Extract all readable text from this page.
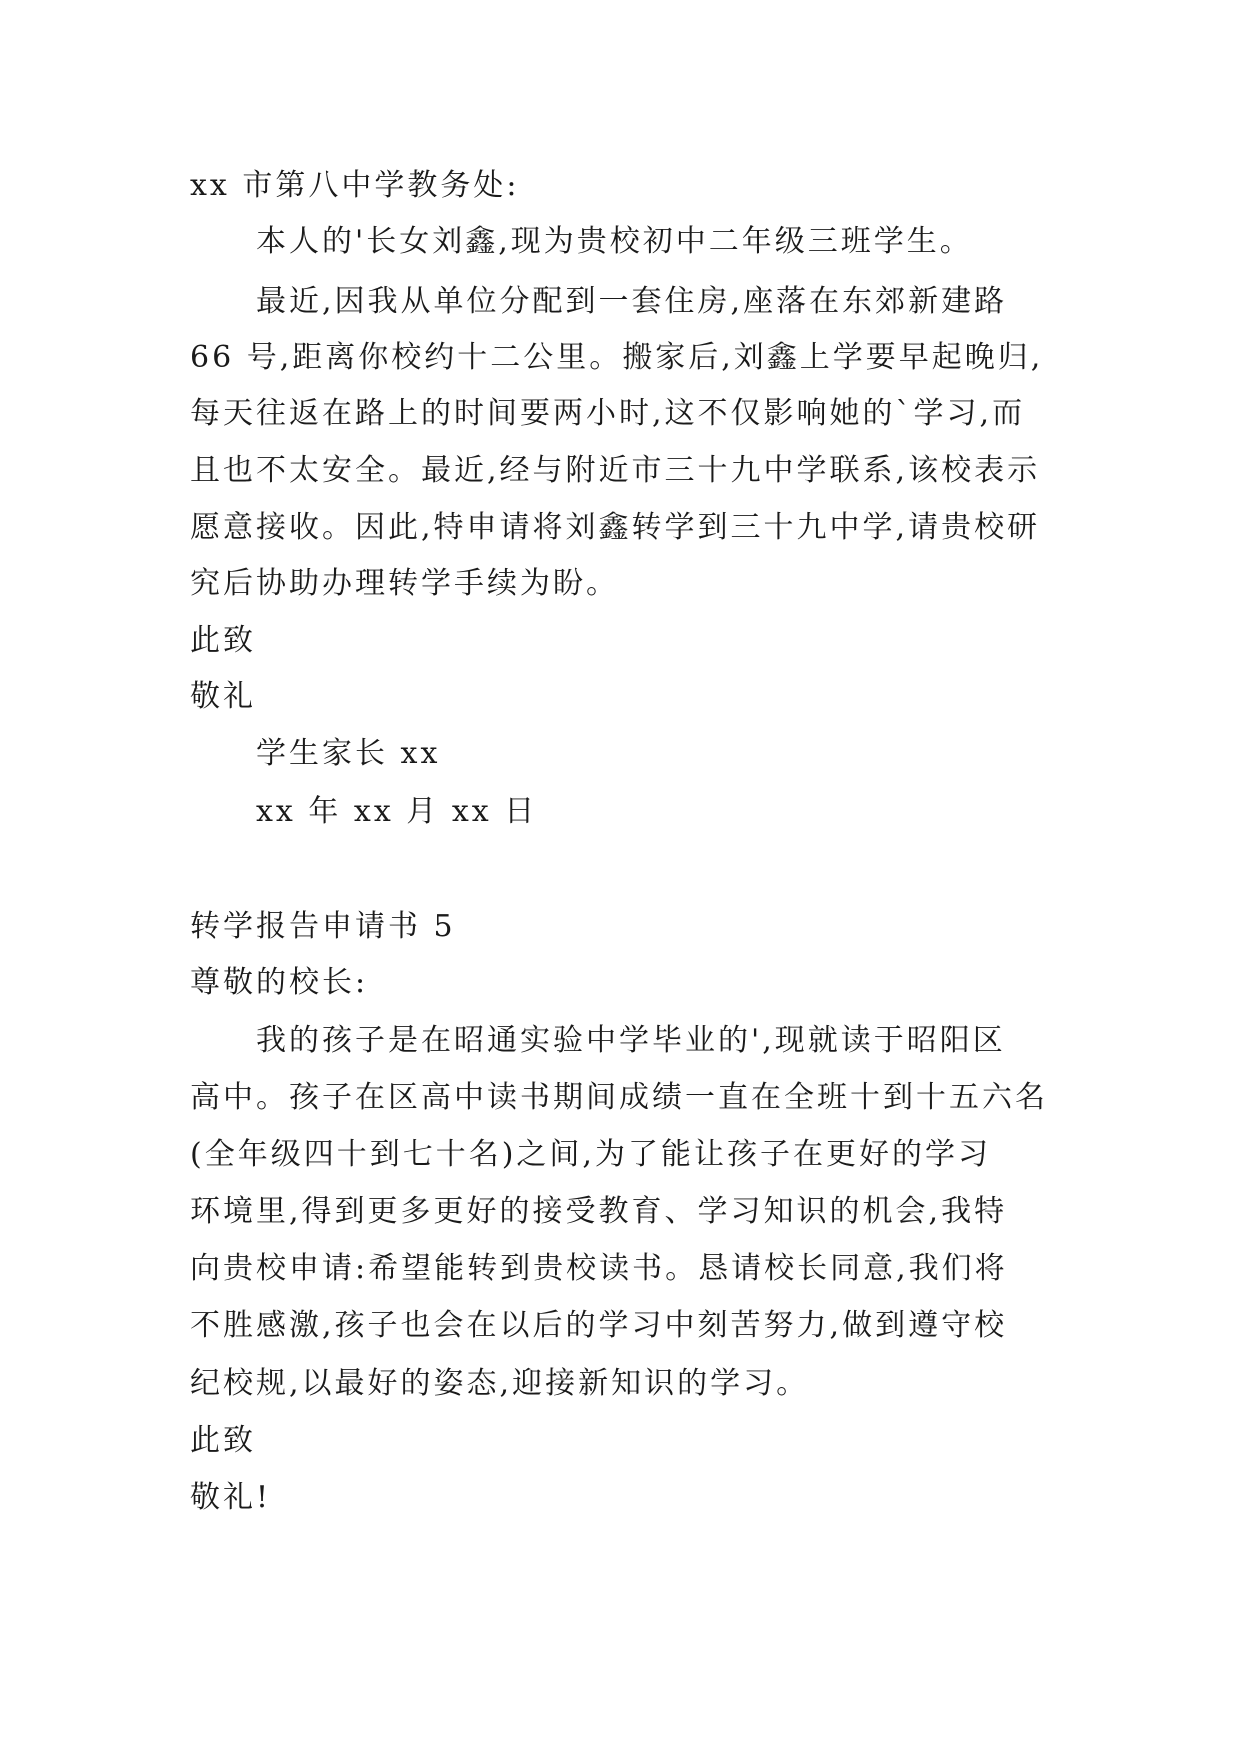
xx 市第八中学教务处:
本人的'长女刘鑫,现为贵校初中二年级三班学生。
最近,因我从单位分配到一套住房,座落在东郊新建路
66 号,距离你校约十二公里。搬家后,刘鑫上学要早起晚归,
每天往返在路上的时间要两小时,这不仅影响她的`学习,而
且也不太安全。最近,经与附近市三十九中学联系,该校表示
愿意接收。因此,特申请将刘鑫转学到三十九中学,请贵校研
究后协助办理转学手续为盼。
此致
敬礼
学生家长 xx
xx 年 xx 月 xx 日
转学报告申请书 5
尊敬的校长:
我的孩子是在昭通实验中学毕业的',现就读于昭阳区
高中。孩子在区高中读书期间成绩一直在全班十到十五六名
(全年级四十到七十名)之间,为了能让孩子在更好的学习
环境里,得到更多更好的接受教育、学习知识的机会,我特
向贵校申请:希望能转到贵校读书。恳请校长同意,我们将
不胜感激,孩子也会在以后的学习中刻苦努力,做到遵守校
纪校规,以最好的姿态,迎接新知识的学习。
此致
敬礼!
